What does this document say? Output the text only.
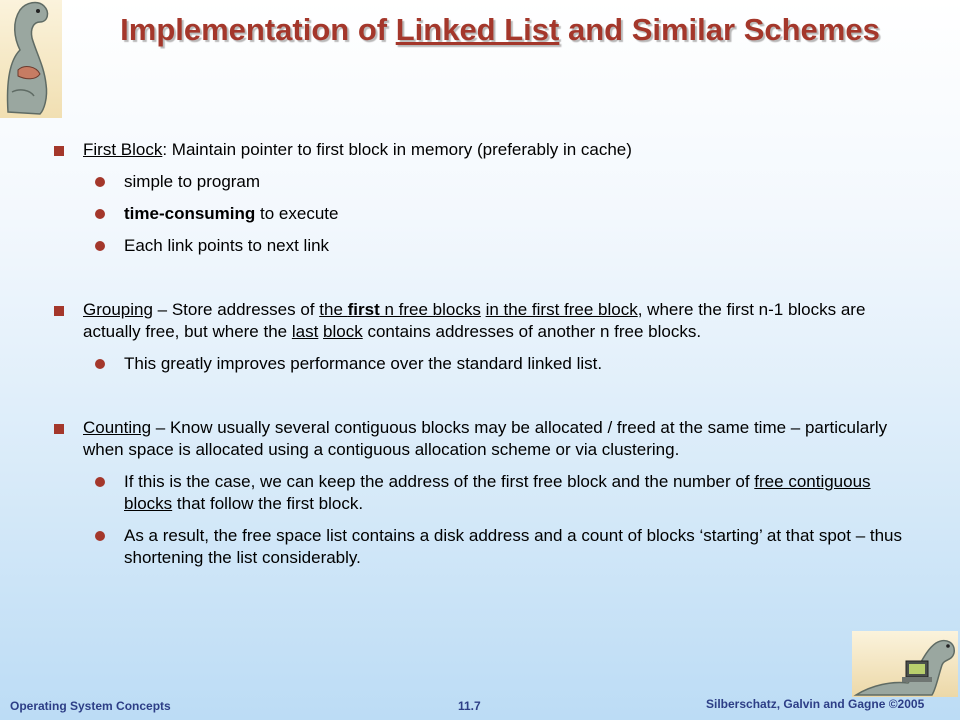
Implementation of Linked List and Similar Schemes
First Block: Maintain pointer to first block in memory (preferably in cache)
simple to program
time-consuming to execute
Each link points to next link
Grouping – Store addresses of the first n free blocks in the first free block, where the first n-1 blocks are actually free, but where the last block contains addresses of another n free blocks.
This greatly improves performance over the standard linked list.
Counting – Know usually several contiguous blocks may be allocated / freed at the same time – particularly when space is allocated using a contiguous allocation scheme or via clustering.
If this is the case, we can keep the address of the first free block and the number of free contiguous blocks that follow the first block.
As a result, the free space list contains a disk address and a count of blocks ‘starting’ at that spot – thus shortening the list considerably.
Operating System Concepts	11.7	Silberschatz, Galvin and Gagne ©2005
